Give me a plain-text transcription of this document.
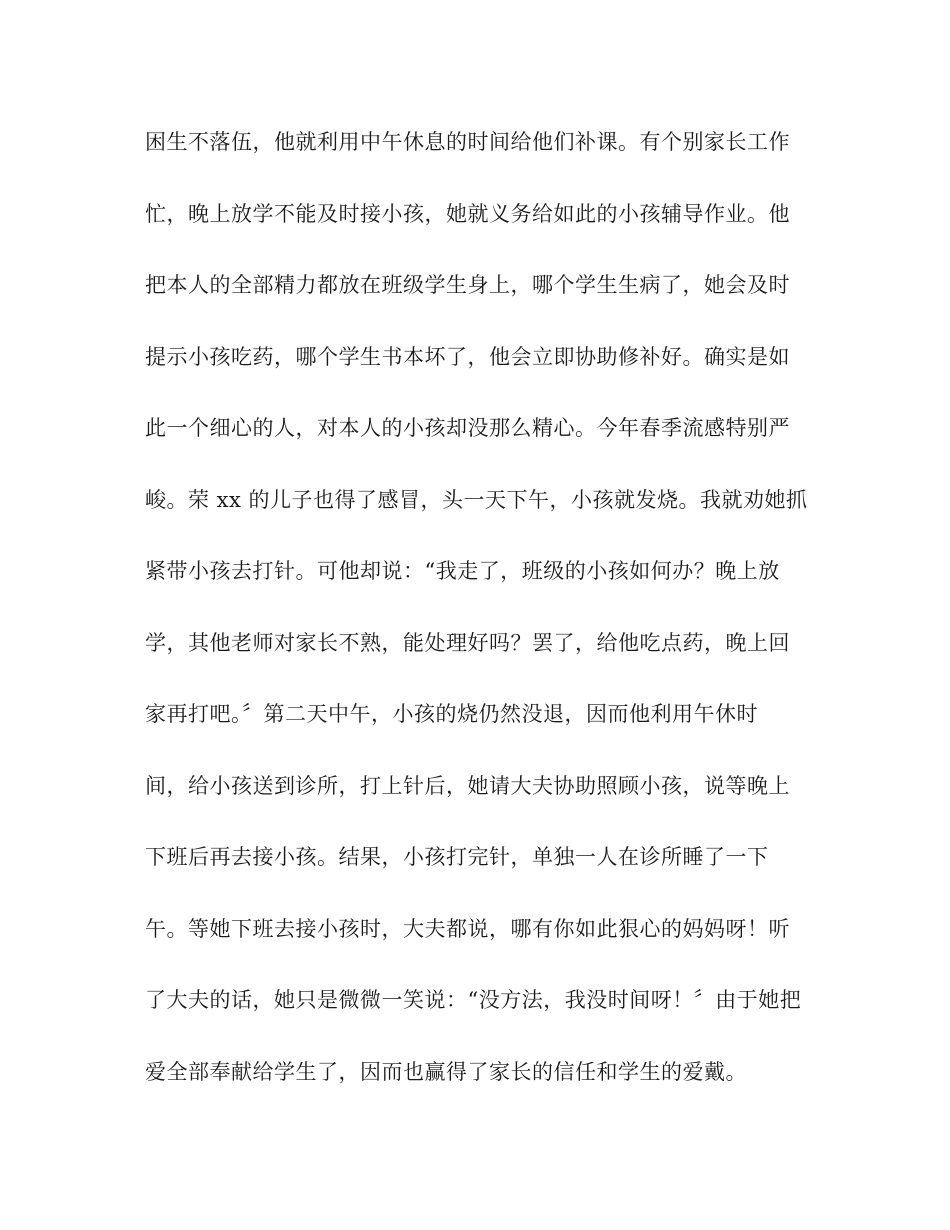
困生不落伍，他就利用中午休息的时间给他们补课。有个别家长工作
忙，晚上放学不能及时接小孩，她就义务给如此的小孩辅导作业。他
把本人的全部精力都放在班级学生身上，哪个学生生病了，她会及时
提示小孩吃药，哪个学生书本坏了，他会立即协助修补好。确实是如
此一个细心的人，对本人的小孩却没那么精心。今年春季流感特别严
峻。荣 xx 的儿子也得了感冒，头一天下午，小孩就发烧。我就劝她抓
紧带小孩去打针。可他却说：“我走了，班级的小孩如何办？晚上放
学，其他老师对家长不熟，能处理好吗？罢了，给他吃点药，晚上回
家再打吧。〞第二天中午，小孩的烧仍然没退，因而他利用午休时
间，给小孩送到诊所，打上针后，她请大夫协助照顾小孩，说等晚上
下班后再去接小孩。结果，小孩打完针，单独一人在诊所睡了一下
午。等她下班去接小孩时，大夫都说，哪有你如此狠心的妈妈呀！听
了大夫的话，她只是微微一笑说：“没方法，我没时间呀！〞由于她把
爱全部奉献给学生了，因而也赢得了家长的信任和学生的爱戴。
